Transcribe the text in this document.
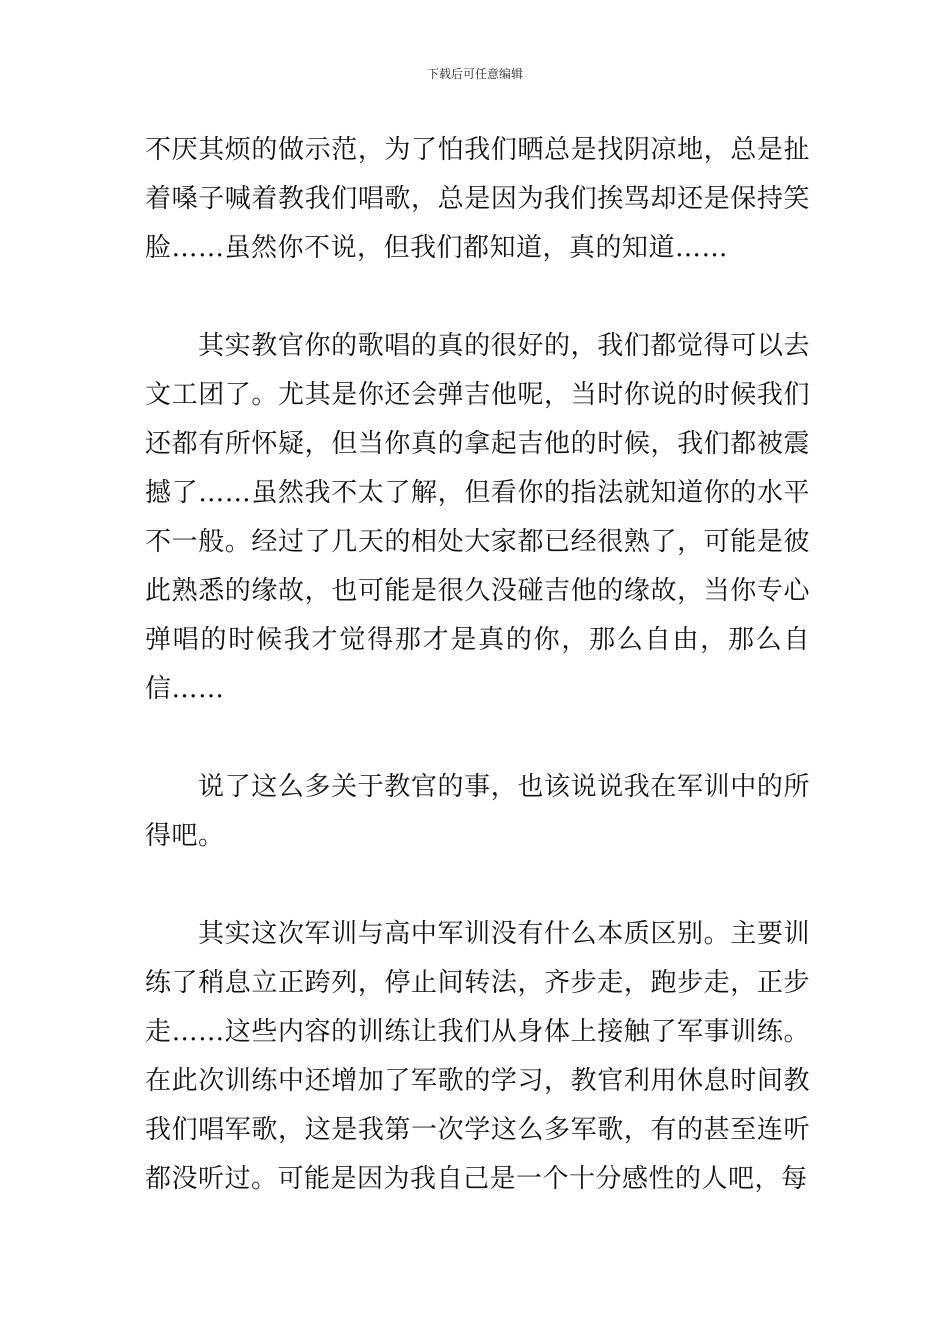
下载后可任意编辑

不厌其烦的做示范，为了怕我们晒总是找阴凉地，总是扯着嗓子喊着教我们唱歌，总是因为我们挨骂却还是保持笑脸……虽然你不说，但我们都知道，真的知道……

其实教官你的歌唱的真的很好的，我们都觉得可以去文工团了。尤其是你还会弹吉他呢，当时你说的时候我们还都有所怀疑，但当你真的拿起吉他的时候，我们都被震撼了……虽然我不太了解，但看你的指法就知道你的水平不一般。经过了几天的相处大家都已经很熟了，可能是彼此熟悉的缘故，也可能是很久没碰吉他的缘故，当你专心弹唱的时候我才觉得那才是真的你，那么自由，那么自信……

说了这么多关于教官的事，也该说说我在军训中的所得吧。

其实这次军训与高中军训没有什么本质区别。主要训练了稍息立正跨列，停止间转法，齐步走，跑步走，正步走……这些内容的训练让我们从身体上接触了军事训练。在此次训练中还增加了军歌的学习，教官利用休息时间教我们唱军歌，这是我第一次学这么多军歌，有的甚至连听都没听过。可能是因为我自己是一个十分感性的人吧，每
